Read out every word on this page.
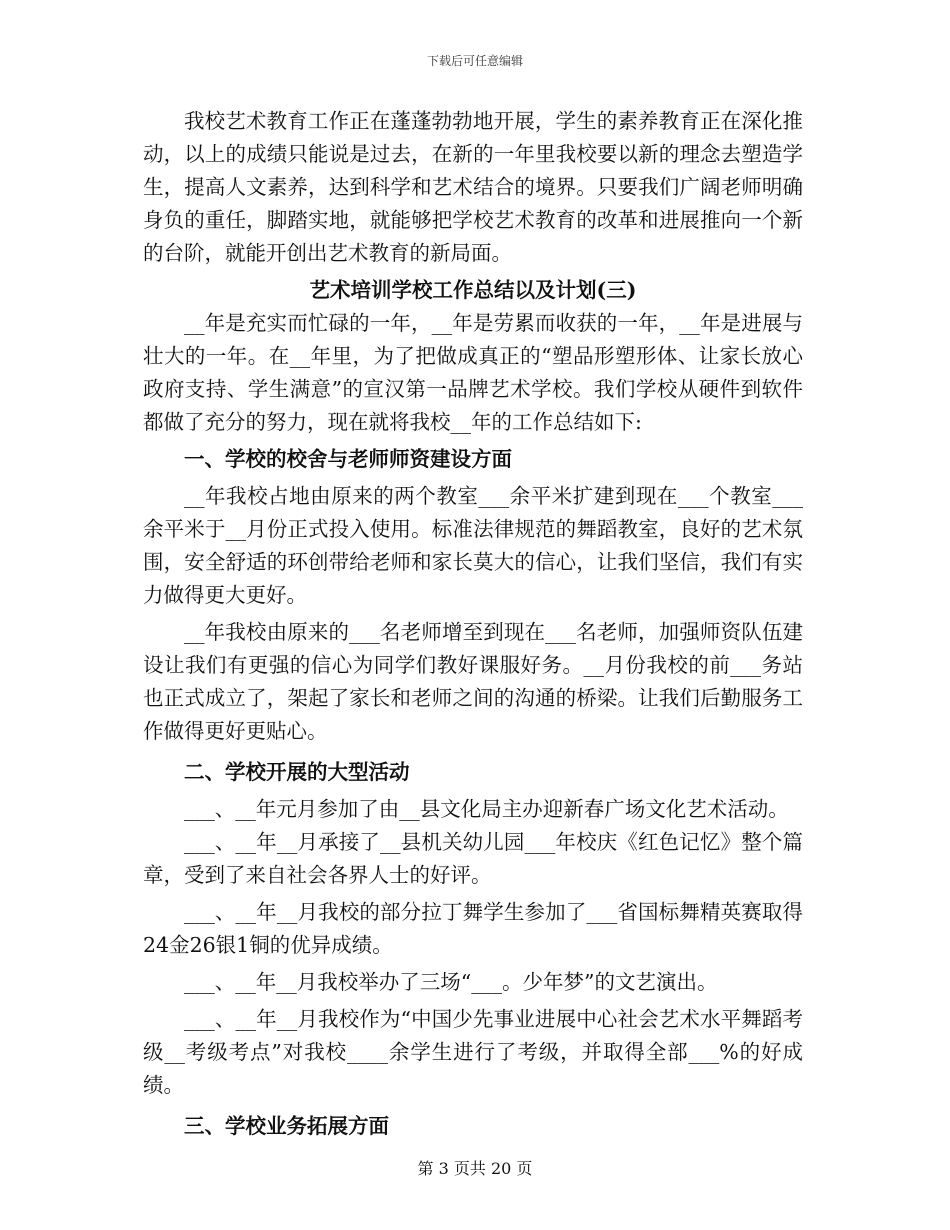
下载后可任意编辑

我校艺术教育工作正在蓬蓬勃勃地开展，学生的素养教育正在深化推动，以上的成绩只能说是过去，在新的一年里我校要以新的理念去塑造学生，提高人文素养，达到科学和艺术结合的境界。只要我们广阔老师明确身负的重任，脚踏实地，就能够把学校艺术教育的改革和进展推向一个新的台阶，就能开创出艺术教育的新局面。

艺术培训学校工作总结以及计划(三)

__年是充实而忙碌的一年，__年是劳累而收获的一年，__年是进展与壮大的一年。在__年里，为了把做成真正的“塑品形塑形体、让家长放心政府支持、学生满意”的宣汉第一品牌艺术学校。我们学校从硬件到软件都做了充分的努力，现在就将我校__年的工作总结如下:

一、学校的校舍与老师师资建设方面

__年我校占地由原来的两个教室___余平米扩建到现在___个教室___余平米于__月份正式投入使用。标准法律规范的舞蹈教室，良好的艺术氛围，安全舒适的环创带给老师和家长莫大的信心，让我们坚信，我们有实力做得更大更好。

__年我校由原来的___名老师增至到现在___名老师，加强师资队伍建设让我们有更强的信心为同学们教好课服好务。__月份我校的前___务站也正式成立了，架起了家长和老师之间的沟通的桥梁。让我们后勤服务工作做得更好更贴心。

二、学校开展的大型活动

___、__年元月参加了由__县文化局主办迎新春广场文化艺术活动。

___、__年__月承接了__县机关幼儿园___年校庆《红色记忆》整个篇章，受到了来自社会各界人士的好评。

___、__年__月我校的部分拉丁舞学生参加了___省国标舞精英赛取得24金26银1铜的优异成绩。

___、__年__月我校举办了三场“___。少年梦”的文艺演出。

___、__年__月我校作为“中国少先事业进展中心社会艺术水平舞蹈考级__考级考点”对我校____余学生进行了考级，并取得全部___%的好成绩。

三、学校业务拓展方面

第 3 页共 20 页
